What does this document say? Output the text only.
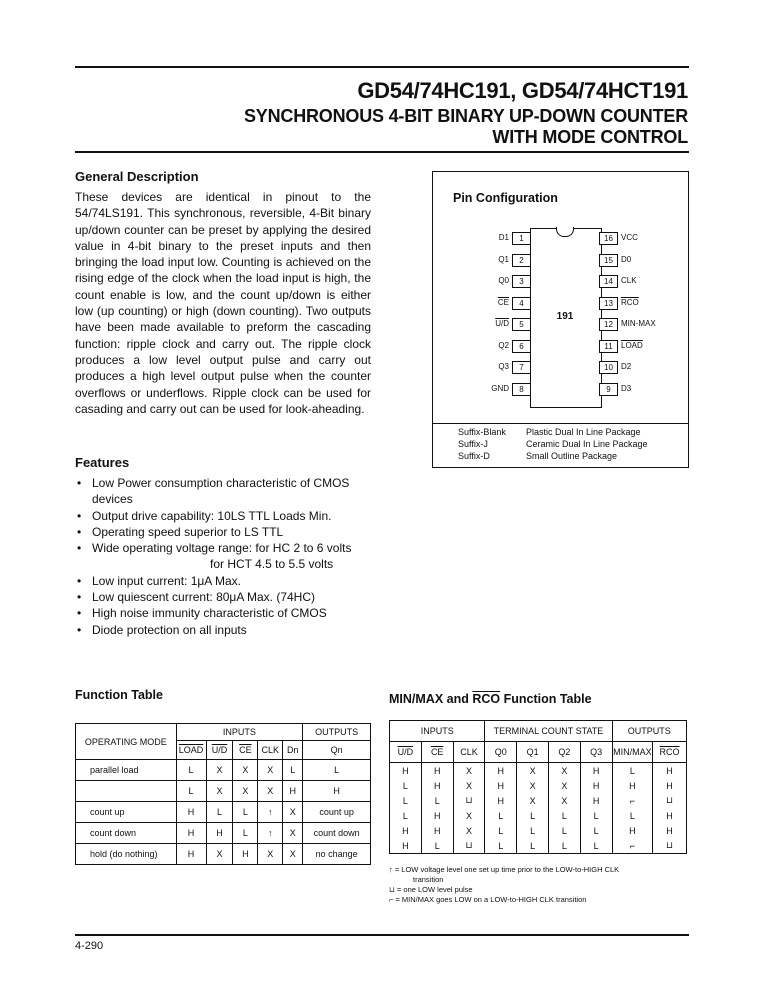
GD54/74HC191, GD54/74HCT191
SYNCHRONOUS 4-BIT BINARY UP-DOWN COUNTER
WITH MODE CONTROL
General Description
These devices are identical in pinout to the 54/74LS191. This synchronous, reversible, 4-Bit binary up/down counter can be preset by applying the desired value in 4-bit binary to the preset inputs and then bringing the load input low. Counting is achieved on the rising edge of the clock when the load input is high, the count enable is low, and the count up/down is either low (up counting) or high (down counting). Two outputs have been made available to preform the cascading function: ripple clock and carry out. The ripple clock produces a low level output pulse and carry out produces a high level output pulse when the counter overflows or underflows. Ripple clock can be used for casading and carry out can be used for look-aheading.
Features
• Low Power consumption characteristic of CMOS
devices
• Output drive capability: 10LS TTL Loads Min.
• Operating speed superior to LS TTL
• Wide operating voltage range: for HC 2 to 6 volts
for HCT 4.5 to 5.5 volts
• Low input current: 1μA Max.
• Low quiescent current: 80μA Max. (74HC)
• High noise immunity characteristic of CMOS
• Diode protection on all inputs
Pin Configuration
191
1
D1
2
Q1
3
Q0
4
$\overline{CE}$
5
U/D
6
Q2
7
Q3
8
GND
16	VCC
15	D0
14	CLK
13	$\overline{RCO}$
12	MIN-MAX
11	LOAD
10	D2
9	D3
Suffix-Blank	Plastic Dual In Line Package
Suffix-J	Ceramic Dual In Line Package
Suffix-D	Small Outline Package
Function Table
OPERATING MODE	INPUTS					OUTPUTS
	LOAD	U/D	$\overline{CE}$	CLK	Dn	Qn
parallel load	L	X	X	X	L	L
	L	X	X	X	H	H
count up	H	L	L	↑	X	count up
count down	H	H	L	↑	X	count down
hold (do nothing)	H	X	H	X	X	no change
MIN/MAX and $\overline{RCO}$ Function Table
INPUTS			TERMINAL COUNT STATE				OUTPUTS	
U/D	$\overline{CE}$	CLK	Q0	Q1	Q2	Q3	MIN/MAX	$\overline{RCO}$
H	H	X	H	X	X	H	L	H
L	H	X	H	X	X	H	H	H
L	L	⊔	H	X	X	H	⌐	⊔
L	H	X	L	L	L	L	L	H
H	H	X	L	L	L	L	H	H
H	L	⊔	L	L	L	L	⌐	⊔
↑ = LOW voltage level one set up time prior to the LOW-to-HIGH CLK
transition
⊔ = one LOW level pulse
⌐ = MIN/MAX goes LOW on a LOW-to-HIGH CLK transition
4-290
